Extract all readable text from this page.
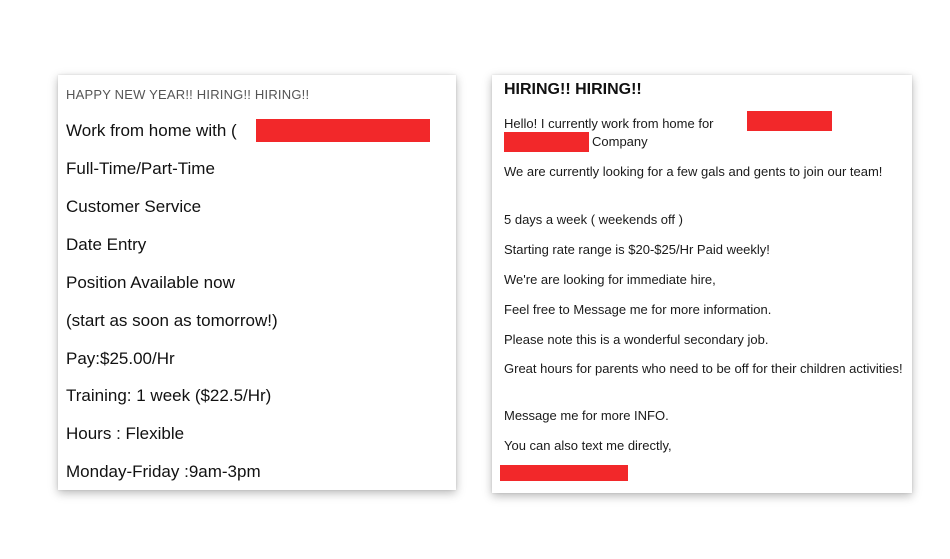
HAPPY NEW YEAR!! HIRING!! HIRING!!
Work from home with (
Full-Time/Part-Time
Customer Service
Date Entry
Position Available now
(start as soon as tomorrow!)
Pay:$25.00/Hr
Training: 1 week ($22.5/Hr)
Hours : Flexible
Monday-Friday :9am-3pm
HIRING!! HIRING!!
Hello! I currently work from home for
Company
We are currently looking for a few gals and gents to join our team!
5 days a week ( weekends off )
Starting rate range is $20-$25/Hr Paid weekly!
We're are looking for immediate hire,
Feel free to Message me for more information.
Please note this is a wonderful secondary job.
Great hours for parents who need to be off for their children activities!
Message me for more INFO.
You can also text me directly,
